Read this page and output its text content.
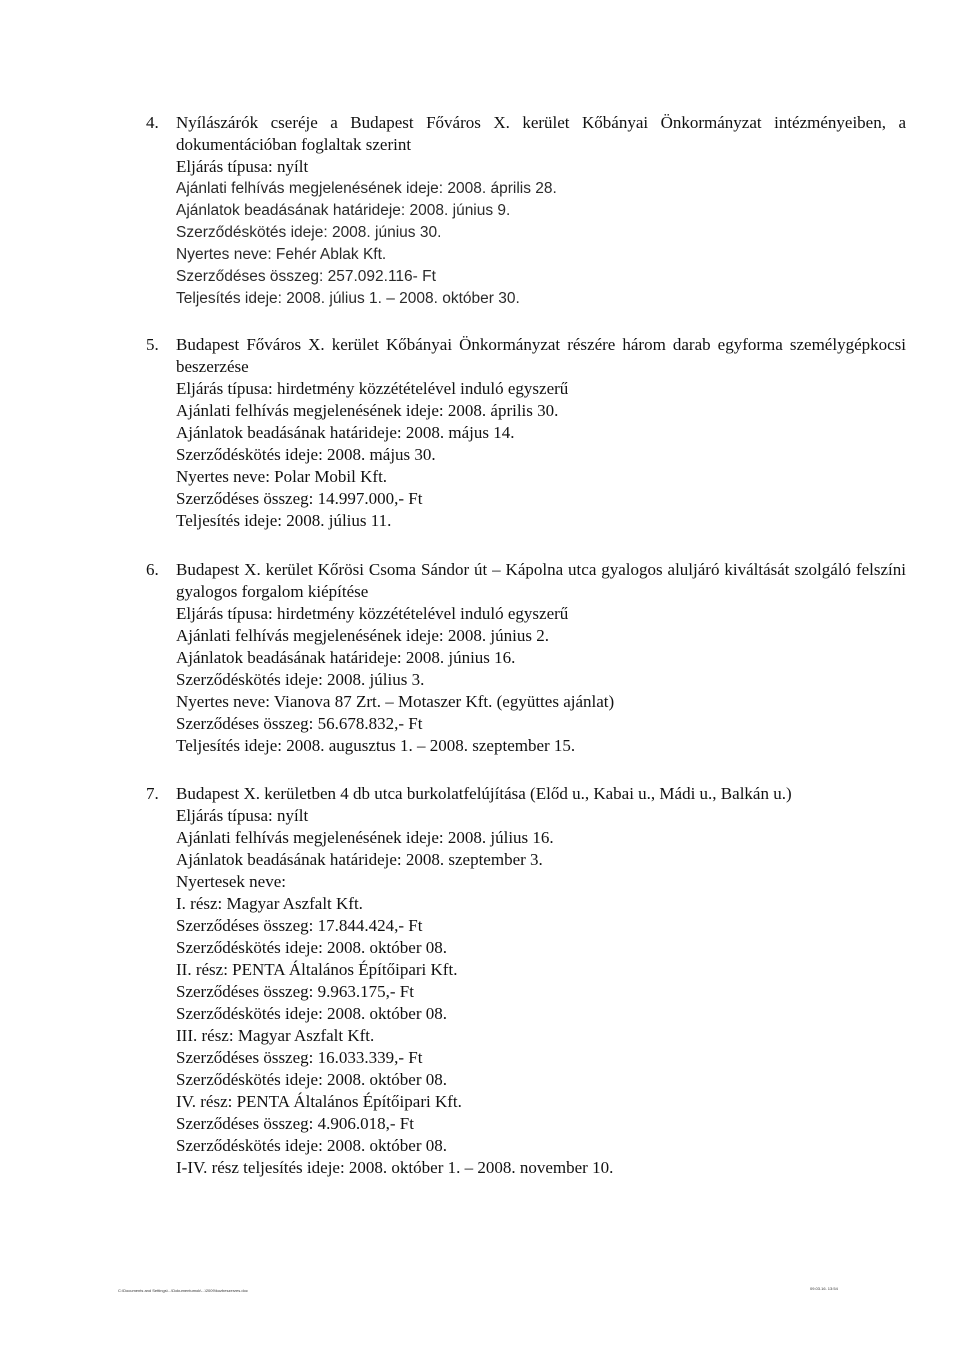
4. Nyílászárók cseréje a Budapest Főváros X. kerület Kőbányai Önkormányzat intézményeiben, a dokumentációban foglaltak szerint
Eljárás típusa: nyílt
Ajánlati felhívás megjelenésének ideje: 2008. április 28.
Ajánlatok beadásának határideje: 2008. június 9.
Szerződéskötés ideje: 2008. június 30.
Nyertes neve: Fehér Ablak Kft.
Szerződéses összeg: 257.092.116- Ft
Teljesítés ideje: 2008. július 1. – 2008. október 30.
5. Budapest Főváros X. kerület Kőbányai Önkormányzat részére három darab egyforma személygépkocsi beszerzése
Eljárás típusa: hirdetmény közzétételével induló egyszerű
Ajánlati felhívás megjelenésének ideje: 2008. április 30.
Ajánlatok beadásának határideje: 2008. május 14.
Szerződéskötés ideje: 2008. május 30.
Nyertes neve: Polar Mobil Kft.
Szerződéses összeg: 14.997.000,- Ft
Teljesítés ideje: 2008. július 11.
6. Budapest X. kerület Kőrösi Csoma Sándor út – Kápolna utca gyalogos aluljáró kiváltását szolgáló felszíni gyalogos forgalom kiépítése
Eljárás típusa: hirdetmény közzétételével induló egyszerű
Ajánlati felhívás megjelenésének ideje: 2008. június 2.
Ajánlatok beadásának határideje: 2008. június 16.
Szerződéskötés ideje: 2008. július 3.
Nyertes neve: Vianova 87 Zrt. – Motaszer Kft. (együttes ajánlat)
Szerződéses összeg: 56.678.832,- Ft
Teljesítés ideje: 2008. augusztus 1. – 2008. szeptember 15.
7. Budapest X. kerületben 4 db utca burkolatfelújítása (Előd u., Kabai u., Mádi u., Balkán u.)
Eljárás típusa: nyílt
Ajánlati felhívás megjelenésének ideje: 2008. július 16.
Ajánlatok beadásának határideje: 2008. szeptember 3.
Nyertesek neve:
I. rész: Magyar Aszfalt Kft.
Szerződéses összeg: 17.844.424,- Ft
Szerződéskötés ideje: 2008. október 08.
II. rész: PENTA Általános Építőipari Kft.
Szerződéses összeg: 9.963.175,- Ft
Szerződéskötés ideje: 2008. október 08.
III. rész: Magyar Aszfalt Kft.
Szerződéses összeg: 16.033.339,- Ft
Szerződéskötés ideje: 2008. október 08.
IV. rész: PENTA Általános Építőipari Kft.
Szerződéses összeg: 4.906.018,- Ft
Szerződéskötés ideje: 2008. október 08.
I-IV. rész teljesítés ideje: 2008. október 1. – 2008. november 10.
C:\Documents and Settings\...\Dokumentumok\...\2009\kozbeszerzes.doc	09.03.16. 13:54
